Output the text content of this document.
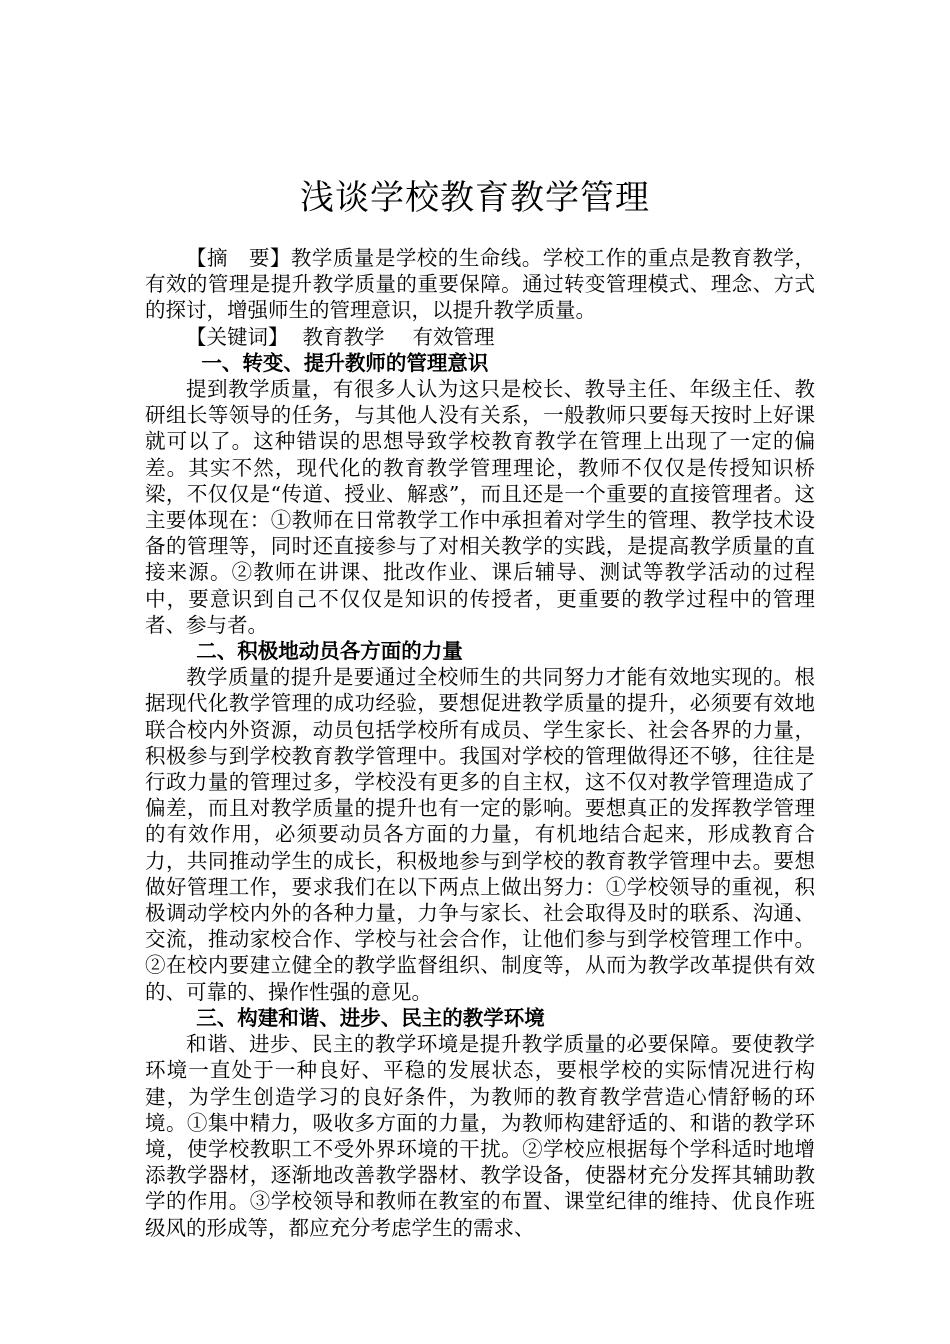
浅谈学校教育教学管理

【摘　要】教学质量是学校的生命线。学校工作的重点是教育教学，有效的管理是提升教学质量的重要保障。通过转变管理模式、理念、方式的探讨，增强师生的管理意识，以提升教学质量。

【关键词】 教育教学 有效管理
一、转变、提升教师的管理意识

提到教学质量，有很多人认为这只是校长、教导主任、年级主任、教研组长等领导的任务，与其他人没有关系，一般教师只要每天按时上好课就可以了。这种错误的思想导致学校教育教学在管理上出现了一定的偏差。其实不然，现代化的教育教学管理理论，教师不仅仅是传授知识桥梁，不仅仅是“传道、授业、解惑”，而且还是一个重要的直接管理者。这主要体现在：①教师在日常教学工作中承担着对学生的管理、教学技术设备的管理等，同时还直接参与了对相关教学的实践，是提高教学质量的直接来源。②教师在讲课、批改作业、课后辅导、测试等教学活动的过程中，要意识到自己不仅仅是知识的传授者，更重要的教学过程中的管理者、参与者。

二、积极地动员各方面的力量

教学质量的提升是要通过全校师生的共同努力才能有效地实现的。根据现代化教学管理的成功经验，要想促进教学质量的提升，必须要有效地联合校内外资源，动员包括学校所有成员、学生家长、社会各界的力量，积极参与到学校教育教学管理中。我国对学校的管理做得还不够，往往是行政力量的管理过多，学校没有更多的自主权，这不仅对教学管理造成了偏差，而且对教学质量的提升也有一定的影响。要想真正的发挥教学管理的有效作用，必须要动员各方面的力量，有机地结合起来，形成教育合力，共同推动学生的成长，积极地参与到学校的教育教学管理中去。要想做好管理工作，要求我们在以下两点上做出努力：①学校领导的重视，积极调动学校内外的各种力量，力争与家长、社会取得及时的联系、沟通、交流，推动家校合作、学校与社会合作，让他们参与到学校管理工作中。②在校内要建立健全的教学监督组织、制度等，从而为教学改革提供有效的、可靠的、操作性强的意见。

三、构建和谐、进步、民主的教学环境

和谐、进步、民主的教学环境是提升教学质量的必要保障。要使教学环境一直处于一种良好、平稳的发展状态，要根学校的实际情况进行构建，为学生创造学习的良好条件，为教师的教育教学营造心情舒畅的环境。①集中精力，吸收多方面的力量，为教师构建舒适的、和谐的教学环境，使学校教职工不受外界环境的干扰。②学校应根据每个学科适时地增添教学器材，逐渐地改善教学器材、教学设备，使器材充分发挥其辅助教学的作用。③学校领导和教师在教室的布置、课堂纪律的维持、优良作班级风的形成等，都应充分考虑学生的需求、
